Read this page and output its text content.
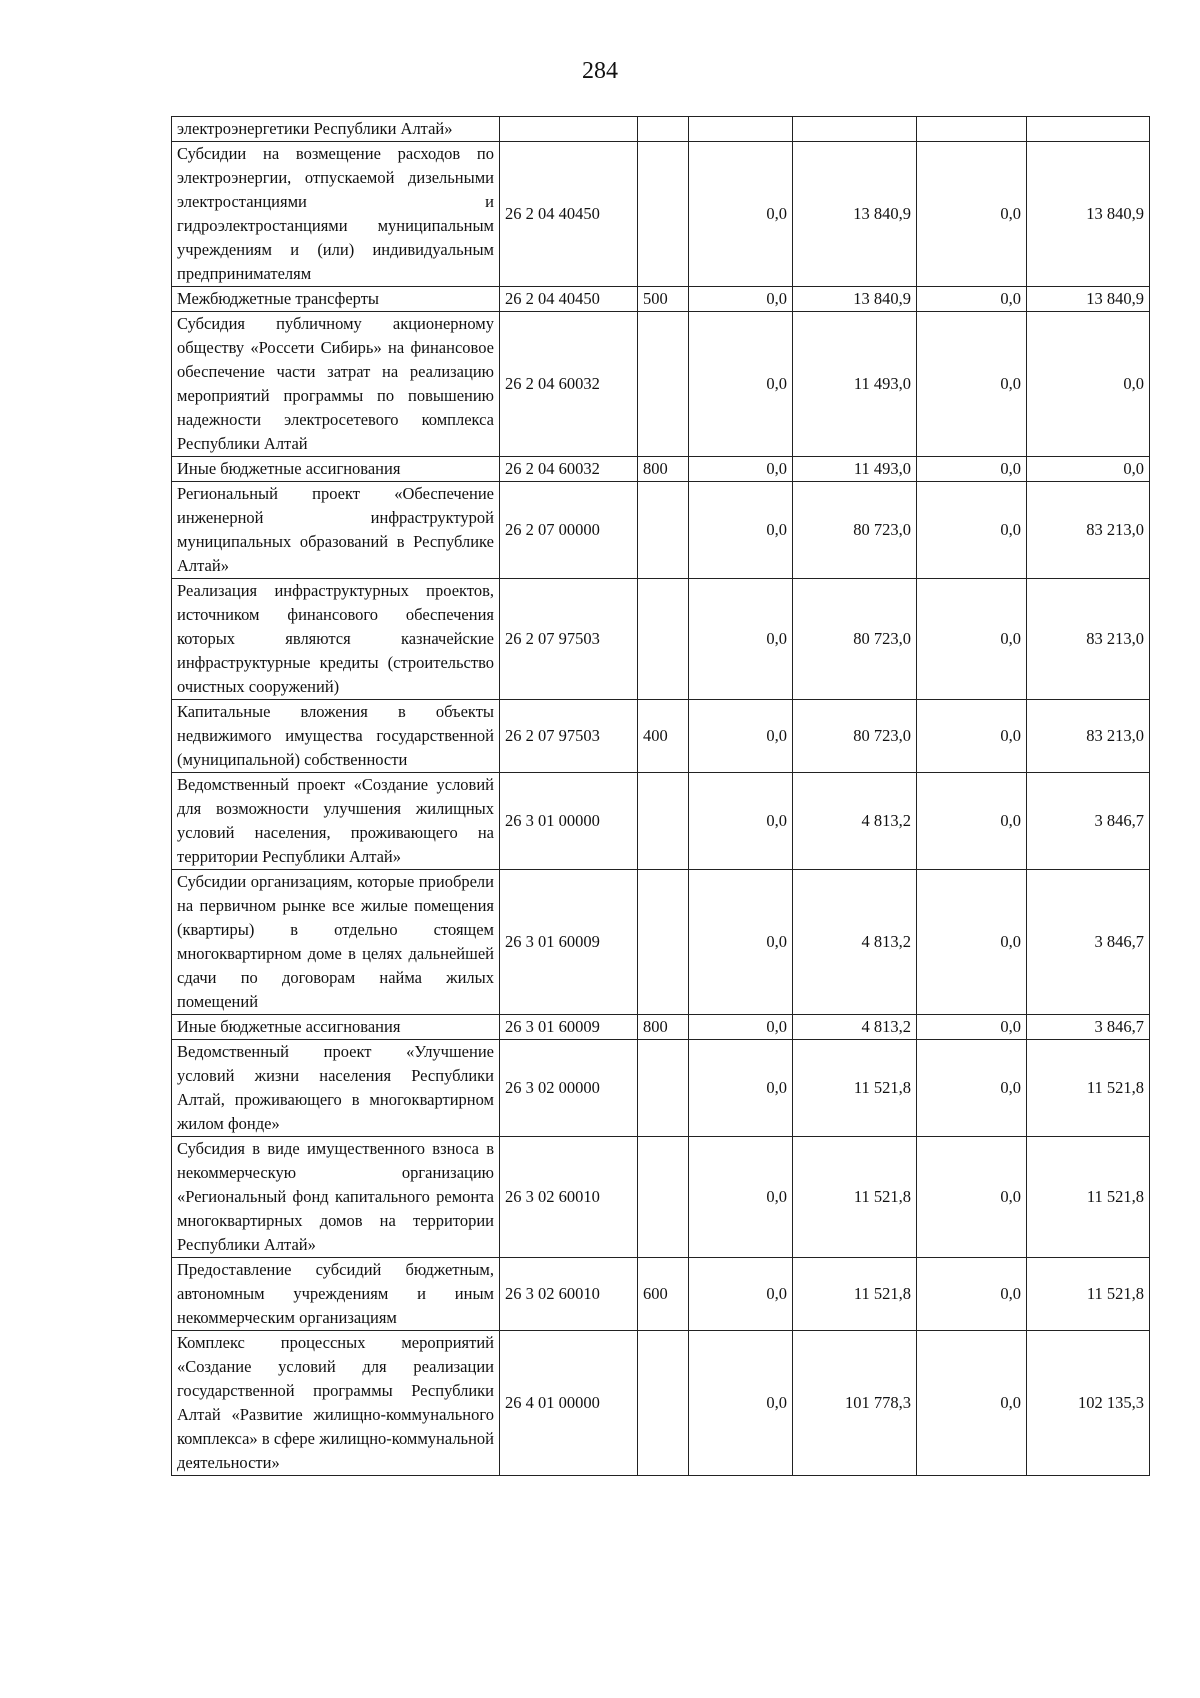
284
электроэнергетики Республики Алтай»						
Субсидии на возмещение расходов по электроэнергии, отпускаемой дизельными электростанциями и гидроэлектростанциями муниципальным учреждениям и (или) индивидуальным предпринимателям	26 2 04 40450		0,0	13 840,9	0,0	13 840,9
Межбюджетные трансферты	26 2 04 40450	500	0,0	13 840,9	0,0	13 840,9
Субсидия публичному акционерному обществу «Россети Сибирь» на финансовое обеспечение части затрат на реализацию мероприятий программы по повышению надежности электросетевого комплекса Республики Алтай	26 2 04 60032		0,0	11 493,0	0,0	0,0
Иные бюджетные ассигнования	26 2 04 60032	800	0,0	11 493,0	0,0	0,0
Региональный проект «Обеспечение инженерной инфраструктурой муниципальных образований в Республике Алтай»	26 2 07 00000		0,0	80 723,0	0,0	83 213,0
Реализация инфраструктурных проектов, источником финансового обеспечения которых являются казначейские инфраструктурные кредиты (строительство очистных сооружений)	26 2 07 97503		0,0	80 723,0	0,0	83 213,0
Капитальные вложения в объекты недвижимого имущества государственной (муниципальной) собственности	26 2 07 97503	400	0,0	80 723,0	0,0	83 213,0
Ведомственный проект «Создание условий для возможности улучшения жилищных условий населения, проживающего на территории Республики Алтай»	26 3 01 00000		0,0	4 813,2	0,0	3 846,7
Субсидии организациям, которые приобрели на первичном рынке все жилые помещения (квартиры) в отдельно стоящем многоквартирном доме в целях дальнейшей сдачи по договорам найма жилых помещений	26 3 01 60009		0,0	4 813,2	0,0	3 846,7
Иные бюджетные ассигнования	26 3 01 60009	800	0,0	4 813,2	0,0	3 846,7
Ведомственный проект «Улучшение условий жизни населения Республики Алтай, проживающего в многоквартирном жилом фонде»	26 3 02 00000		0,0	11 521,8	0,0	11 521,8
Субсидия в виде имущественного взноса в некоммерческую организацию «Региональный фонд капитального ремонта многоквартирных домов на территории Республики Алтай»	26 3 02 60010		0,0	11 521,8	0,0	11 521,8
Предоставление субсидий бюджетным, автономным учреждениям и иным некоммерческим организациям	26 3 02 60010	600	0,0	11 521,8	0,0	11 521,8
Комплекс процессных мероприятий «Создание условий для реализации государственной программы Республики Алтай «Развитие жилищно-коммунального комплекса» в сфере жилищно-коммунальной деятельности»	26 4 01 00000		0,0	101 778,3	0,0	102 135,3
